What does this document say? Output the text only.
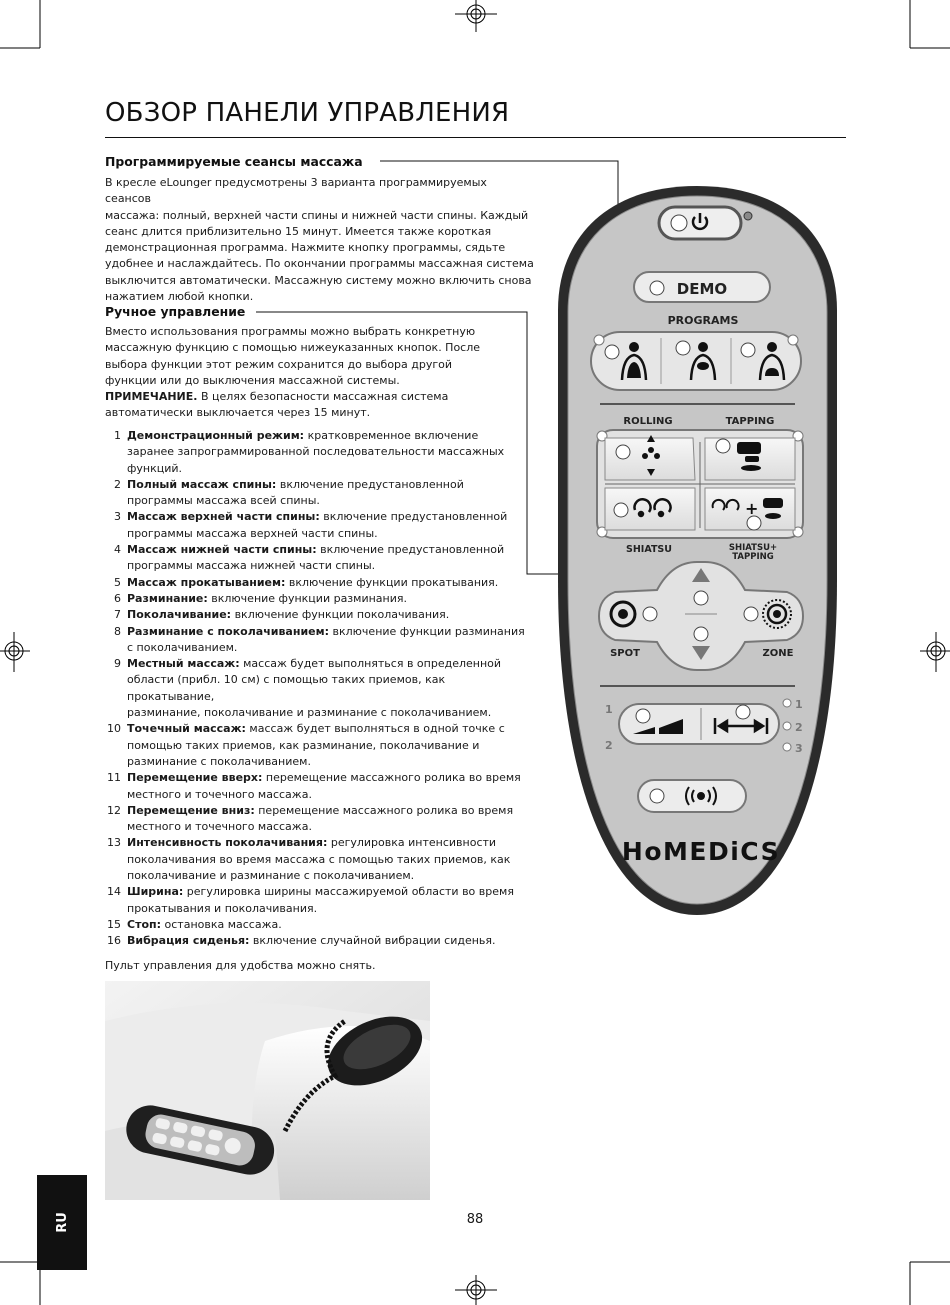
ОБЗОР ПАНЕЛИ УПРАВЛЕНИЯ
Программируемые сеансы массажа
В кресле eLounger предусмотрены 3 варианта программируемых сеансов
массажа: полный, верхней части спины и нижней части спины. Каждый
сеанс длится приблизительно 15 минут. Имеется также короткая
демонстрационная программа. Нажмите кнопку программы, сядьте
удобнее и наслаждайтесь. По окончании программы массажная система
выключится автоматически. Массажную систему можно включить снова
нажатием любой кнопки.
Ручное управление
Вместо использования программы можно выбрать конкретную
массажную функцию с помощью нижеуказанных кнопок. После
выбора функции этот режим сохранится до выбора другой
функции или до выключения массажной системы.
ПРИМЕЧАНИЕ. В целях безопасности массажная система
автоматически выключается через 15 минут.
1 Демонстрационный режим: кратковременное включение
заранее запрограммированной последовательности массажных
функций.
2 Полный массаж спины: включение предустановленной
программы массажа всей спины.
3 Массаж верхней части спины: включение предустановленной
программы массажа верхней части спины.
4 Массаж нижней части спины: включение предустановленной
программы массажа нижней части спины.
5 Массаж прокатыванием: включение функции прокатывания.
6 Разминание: включение функции разминания.
7 Поколачивание: включение функции поколачивания.
8 Разминание с поколачиванием: включение функции разминания
с поколачиванием.
9 Местный массаж: массаж будет выполняться в определенной
области (прибл. 10 см) с помощью таких приемов, как прокатывание,
разминание, поколачивание и разминание с поколачиванием.
10 Точечный массаж: массаж будет выполняться в одной точке с
помощью таких приемов, как разминание, поколачивание и
разминание с поколачиванием.
11 Перемещение вверх: перемещение массажного ролика во время
местного и точечного массажа.
12 Перемещение вниз: перемещение массажного ролика во время
местного и точечного массажа.
13 Интенсивность поколачивания: регулировка интенсивности
поколачивания во время массажа с помощью таких приемов, как
поколачивание и разминание с поколачиванием.
14 Ширина: регулировка ширины массажируемой области во время
прокатывания и поколачивания.
15 Стоп: остановка массажа.
16 Вибрация сиденья: включение случайной вибрации сиденья.

Пульт управления для удобства можно снять.

RU	88
DEMO
PROGRAMS
ROLLING	TAPPING
+
SHIATSU	SHIATSU+
TAPPING
SPOT	ZONE
1
2
1
2
3
HoMEDiCS
